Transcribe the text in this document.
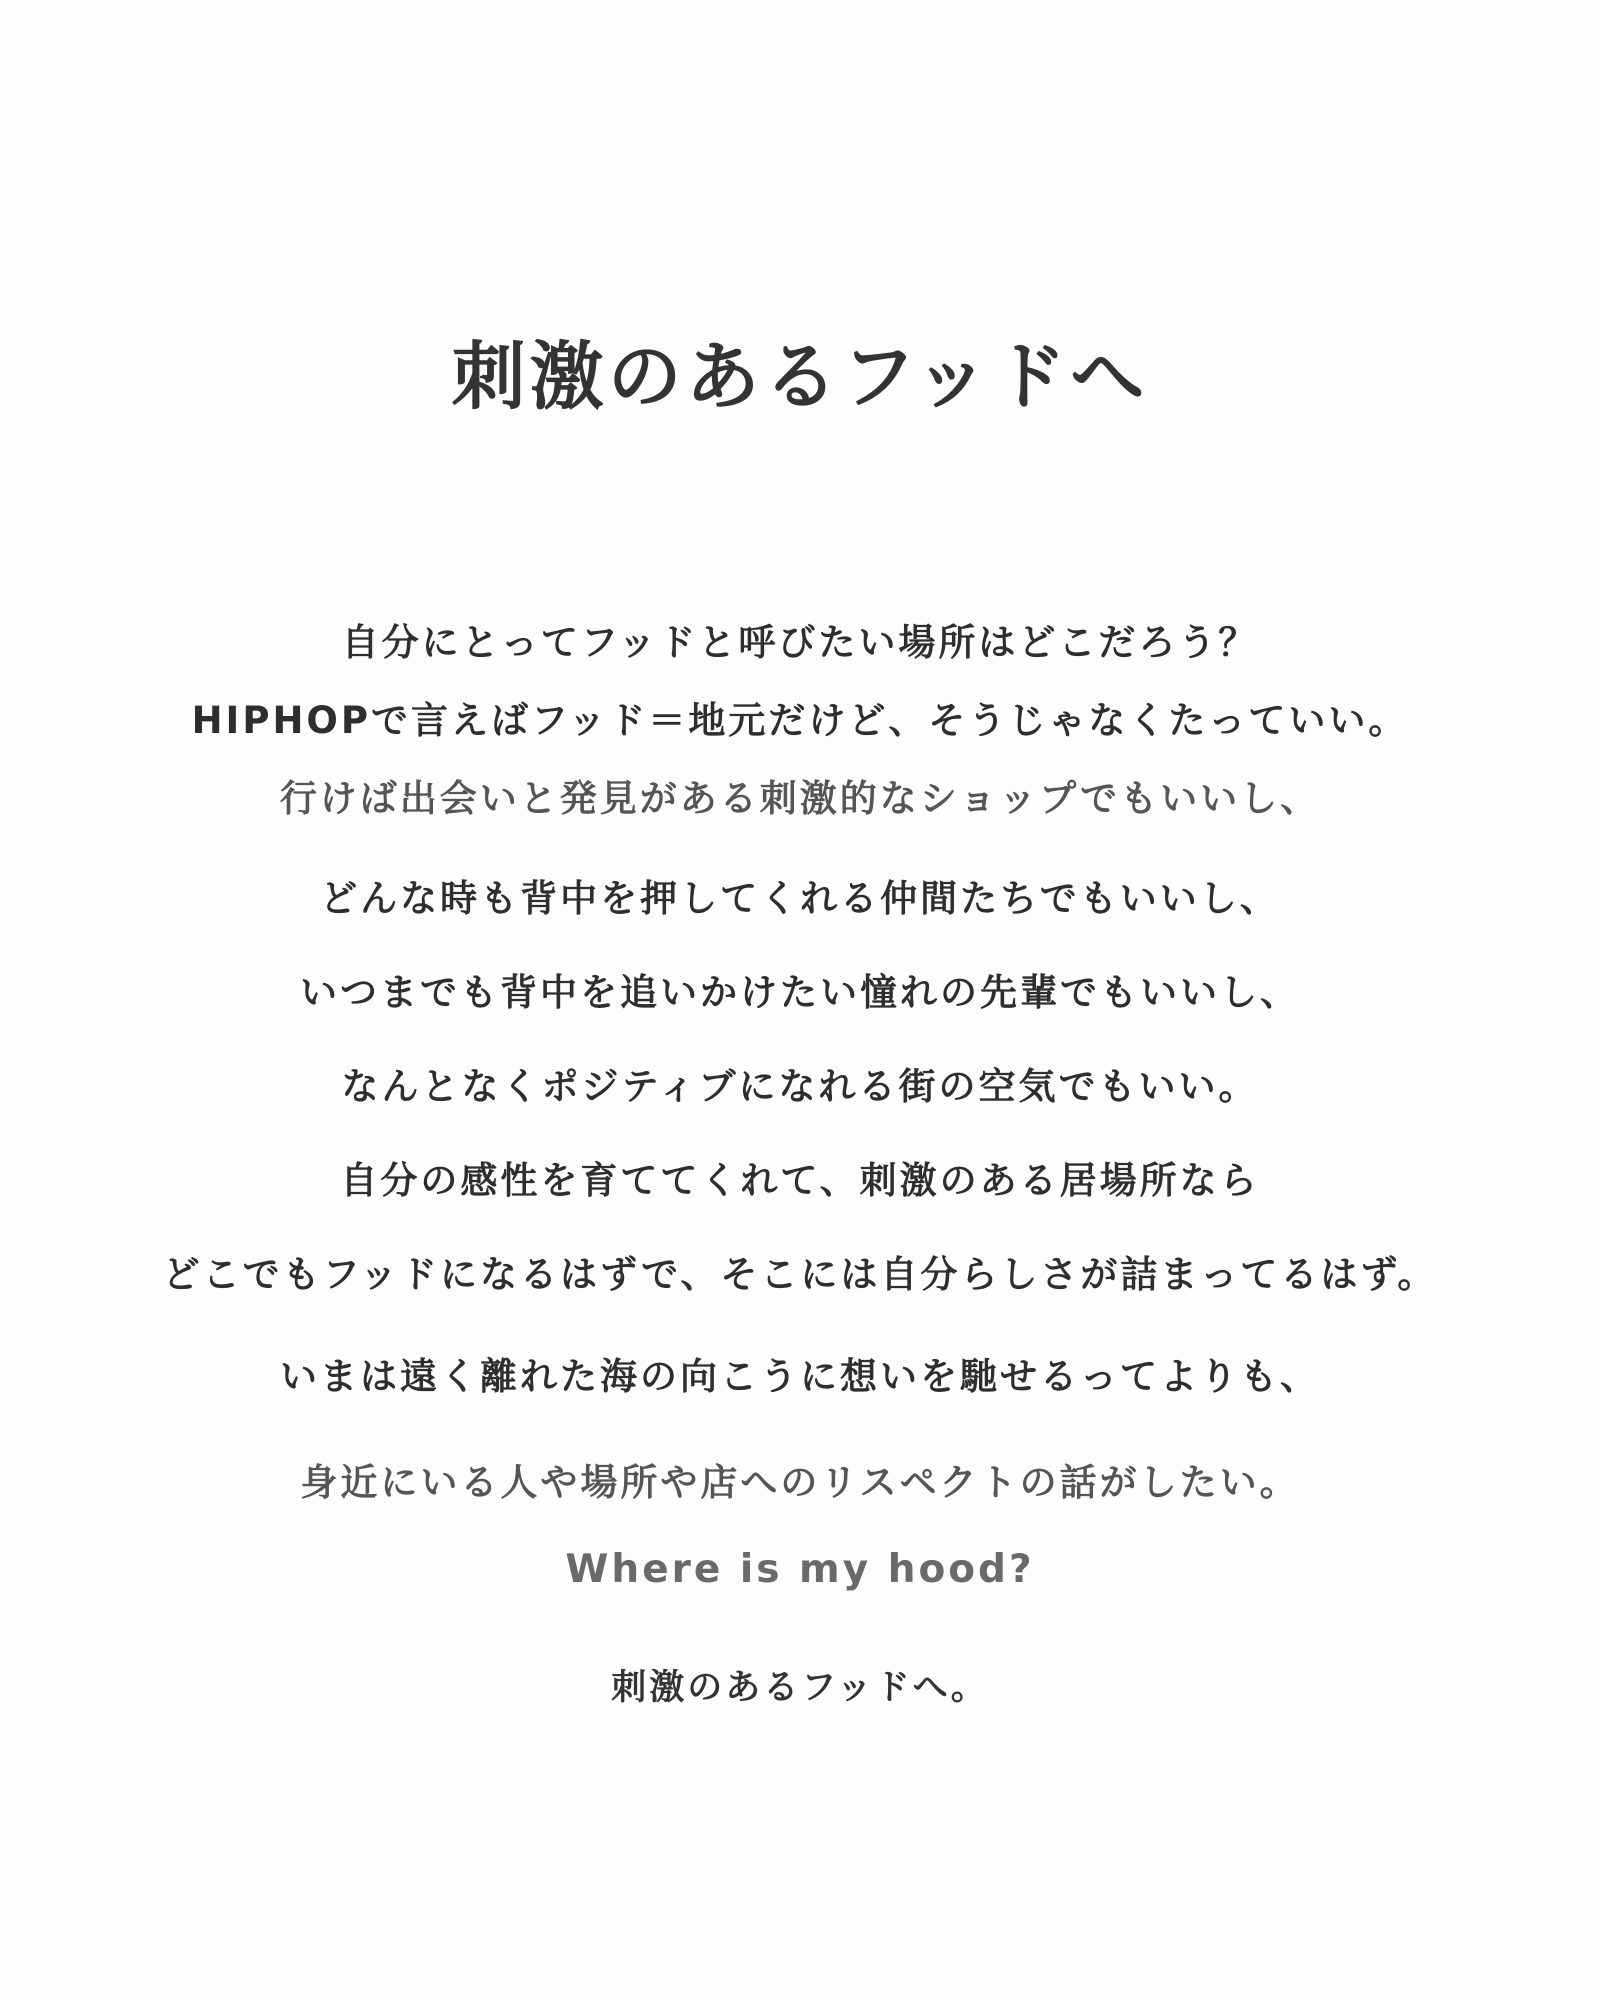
刺激のあるフッドへ

自分にとってフッドと呼びたい場所はどこだろう？

HIPHOPで言えばフッド＝地元だけど、そうじゃなくたっていい。

行けば出会いと発見がある刺激的なショップでもいいし、

どんな時も背中を押してくれる仲間たちでもいいし、

いつまでも背中を追いかけたい憧れの先輩でもいいし、

なんとなくポジティブになれる街の空気でもいい。

自分の感性を育ててくれて、刺激のある居場所なら

どこでもフッドになるはずで、そこには自分らしさが詰まってるはず。

いまは遠く離れた海の向こうに想いを馳せるってよりも、

身近にいる人や場所や店へのリスペクトの話がしたい。

Where is my hood?

刺激のあるフッドへ。
